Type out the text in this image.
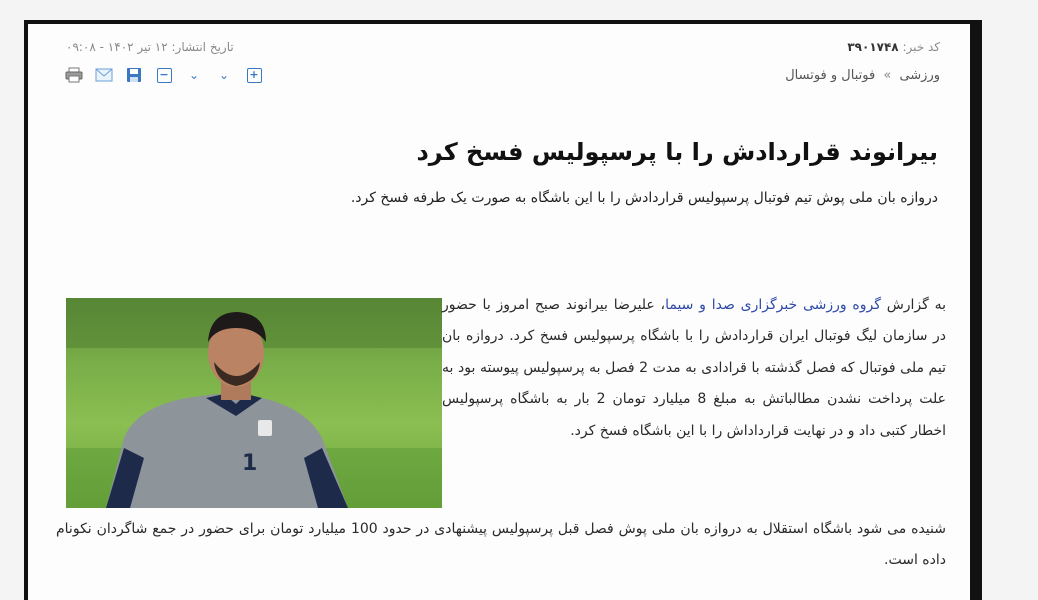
کد خبر: ۳۹۰۱۷۴۸
تاریخ انتشار: ۱۲ تیر ۱۴۰۲ - ۰۹:۰۸
ورزشی » فوتبال و فوتسال
− ⌄ ⌄ +
بیرانوند قراردادش را با پرسپولیس فسخ کرد

دروازه بان ملی پوش تیم فوتبال پرسپولیس قراردادش را با این باشگاه به صورت یک طرفه فسخ کرد.

1

به گزارش گروه ورزشی خبرگزاری صدا و سیما، علیرضا بیرانوند صبح امروز با حضور در سازمان لیگ فوتبال ایران قراردادش را با باشگاه پرسپولیس فسخ کرد. دروازه بان تیم ملی فوتبال که فصل گذشته با قرادادی به مدت 2 فصل به پرسپولیس پیوسته بود به علت پرداخت نشدن مطالباتش به مبلغ 8 میلیارد تومان 2 بار به باشگاه پرسپولیس اخطار کتبی داد و در نهایت قرارداداش را با این باشگاه فسخ کرد.

شنیده می شود باشگاه استقلال به دروازه بان ملی پوش فصل قبل پرسپولیس پیشنهادی در حدود 100 میلیارد تومان برای حضور در جمع شاگردان نکونام داده است.
